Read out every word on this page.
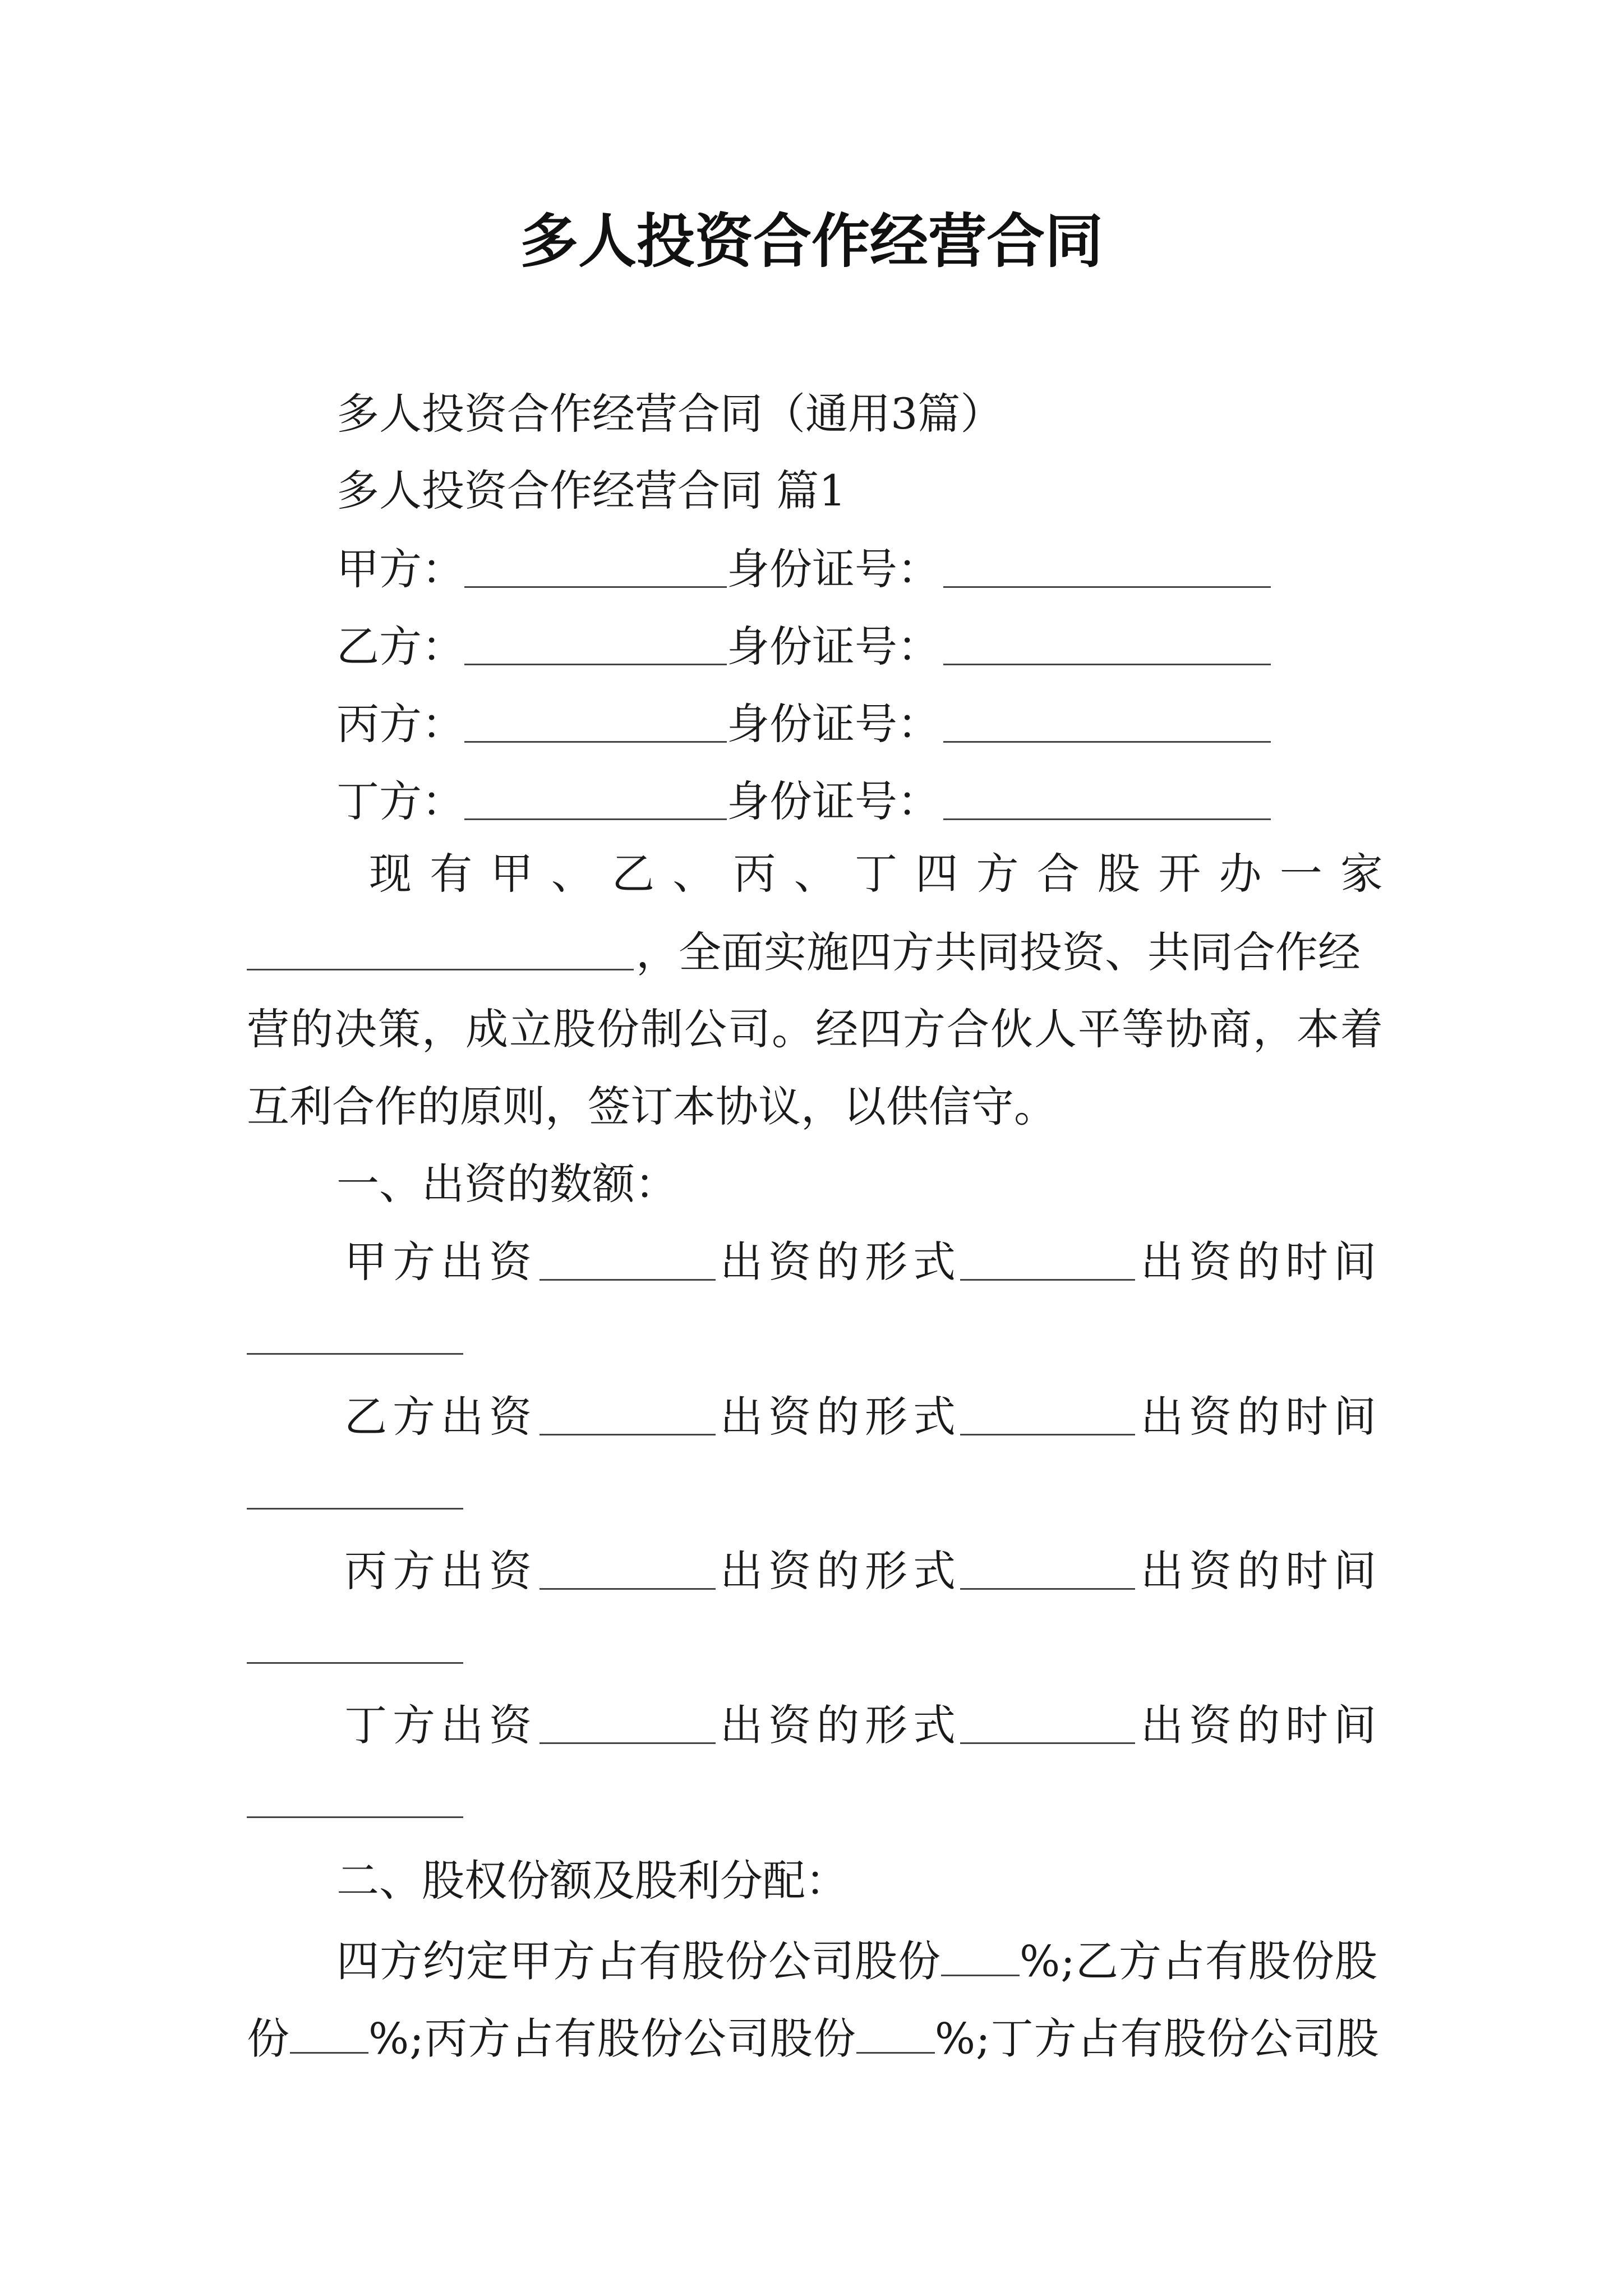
多人投资合作经营合同
多人投资合作经营合同（通用3篇）
多人投资合作经营合同 篇1
甲方：	身份证号：
乙方：	身份证号：
丙方：	身份证号：
丁方：	身份证号：
现 有 甲 、 乙 、 丙 、 丁 四 方 合 股 开 办 一 家
，全面实施四方共同投资、共同合作经
营的决策，成立股份制公司。经四方合伙人平等协商，本着
互利合作的原则，签订本协议，以供信守。
一、出资的数额：
甲方出资	出资的形式	出资的时间
乙方出资	出资的形式	出资的时间
丙方出资	出资的形式	出资的时间
丁方出资	出资的形式	出资的时间
二、股权份额及股利分配：
四方约定甲方占有股份公司股份 %;乙方占有股份股
份 %;丙方占有股份公司股份 %;丁方占有股份公司股
